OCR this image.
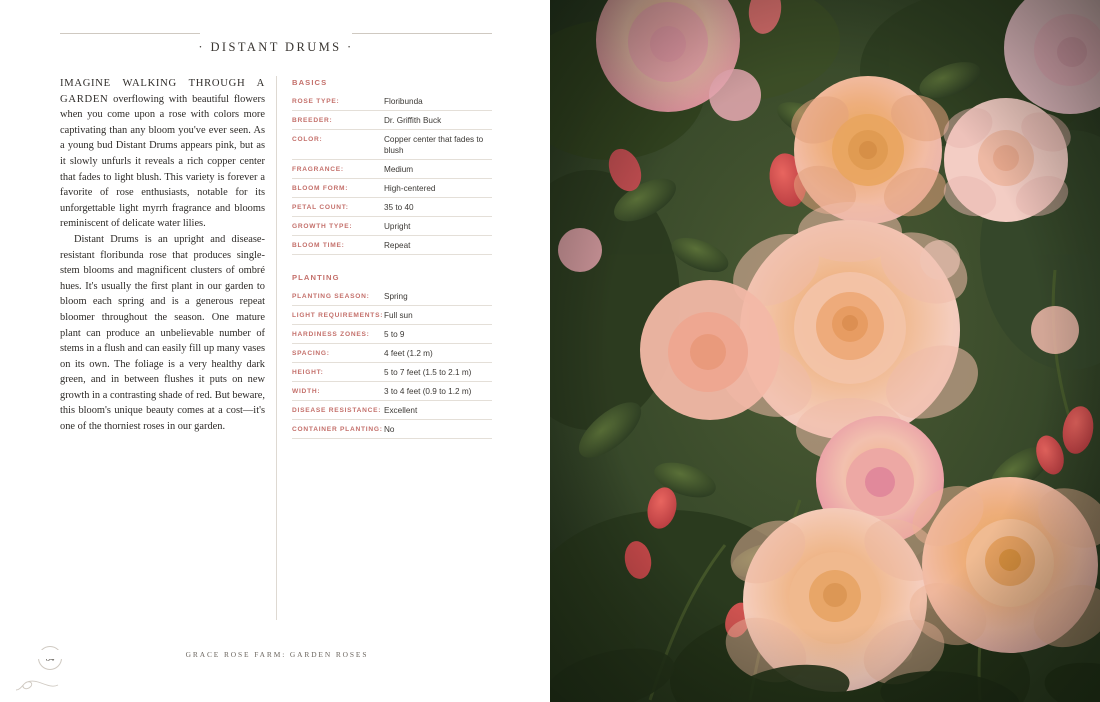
· DISTANT DRUMS ·

IMAGINE WALKING THROUGH A GARDEN overflowing with beautiful flowers when you come upon a rose with colors more captivating than any bloom you've ever seen. As a young bud Distant Drums appears pink, but as it slowly unfurls it reveals a rich copper center that fades to light blush. This variety is forever a favorite of rose enthusiasts, notable for its unforgettable light myrrh fragrance and blooms reminiscent of delicate water lilies.

Distant Drums is an upright and disease-resistant floribunda rose that produces single-stem blooms and magnificent clusters of ombré hues. It's usually the first plant in our garden to bloom each spring and is a generous repeat bloomer throughout the season. One mature plant can produce an unbelievable number of stems in a flush and can easily fill up many vases on its own. The foliage is a very healthy dark green, and in between flushes it puts on new growth in a contrasting shade of red. But beware, this bloom's unique beauty comes at a cost—it's one of the thorniest roses in our garden.

BASICS
ROSE TYPE:	Floribunda
BREEDER:	Dr. Griffith Buck
COLOR:	Copper center that fades to blush
FRAGRANCE:	Medium
BLOOM FORM:	High-centered
PETAL COUNT:	35 to 40
GROWTH TYPE:	Upright
BLOOM TIME:	Repeat
PLANTING
PLANTING SEASON:	Spring
LIGHT REQUIREMENTS: Full sun
HARDINESS ZONES:	5 to 9
SPACING:	4 feet (1.2 m)
HEIGHT:	5 to 7 feet (1.5 to 2.1 m)
WIDTH:	3 to 4 feet (0.9 to 1.2 m)
DISEASE RESISTANCE: Excellent
CONTAINER PLANTING: No
GRACE ROSE FARM: GARDEN ROSES
